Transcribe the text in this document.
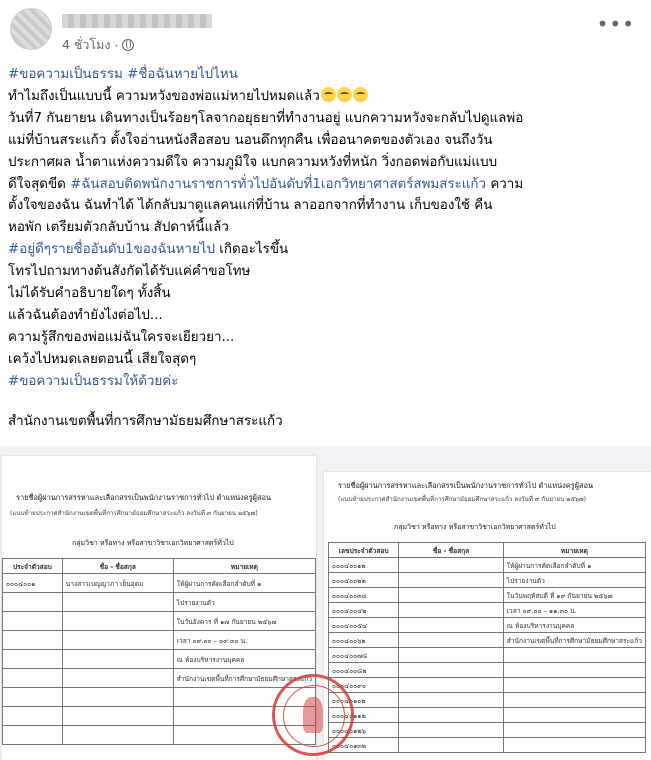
4 ชั่วโมง ·
•••

#ขอความเป็นธรรม #ชื่อฉันหายไปไหน

ทำไมถึงเป็นแบบนี้ ความหวังของพ่อแม่หายไปหมดแล้ว

วันที่7 กันยายน เดินทางเป็นร้อยๆโลจากอยุธยาที่ทำงานอยู่ แบกความหวังจะกลับไปดูแลพ่อ

แม่ที่บ้านสระแก้ว ตั้งใจอ่านหนังสือสอบ นอนดึกทุกคืน เพื่ออนาคตของตัวเอง จนถึงวัน

ประกาศผล น้ำตาแห่งความดีใจ ความภูมิใจ แบกความหวังที่หนัก วิ่งกอดพ่อกับแม่แบบ

ดีใจสุดขีด #ฉันสอบติดพนักงานราชการทั่วไปอันดับที่1เอกวิทยาศาสตร์สพมสระแก้ว ความ

ตั้งใจของฉัน ฉันทำได้ ได้กลับมาดูแลคนแก่ที่บ้าน ลาออกจากที่ทำงาน เก็บของใช้ คืน

หอพัก เตรียมตัวกลับบ้าน สัปดาห์นี้แล้ว

#อยู่ดีๆรายชื่ออันดับ1ของฉันหายไป เกิดอะไรขึ้น

โทรไปถามทางต้นสังกัดได้รับแค่คำขอโทษ

ไม่ได้รับคำอธิบายใดๆ ทั้งสิ้น

แล้วฉันต้องทำยังไงต่อไป...

ความรู้สึกของพ่อแม่ฉันใครจะเยียวยา...

เคว้งไปหมดเลยตอนนี้ เสียใจสุดๆ

#ขอความเป็นธรรมให้ด้วยค่ะ

สำนักงานเขตพื้นที่การศึกษามัธยมศึกษาสระแก้ว
รายชื่อผู้ผ่านการสรรหาและเลือกสรรเป็นพนักงานราชการทั่วไป ตำแหน่งครูผู้สอน
(แนบท้ายประกาศสำนักงานเขตพื้นที่การศึกษามัธยมศึกษาสระแก้ว ลงวันที่ ๓ กันยายน ๒๕๖๗)
กลุ่มวิชา หรือทาง หรือสาขาวิชาเอกวิทยาศาสตร์ทั่วไป
ประจำตัวสอบ	ชื่อ - ชื่อสกุล	หมายเหตุ
๐๐๐๔๐๐๑	นางสาวเบญญาภา เย็นอุดม	ให้ผู้ผ่านการคัดเลือกลำดับที่ ๑
		ไปรายงานตัว
		ในวันอังคาร ที่ ๑๗ กันยายน ๒๕๖๗
		เวลา ๐๙.๐๐ – ๐๙.๓๐ น.
		ณ ห้องบริหารงานบุคคล
		สำนักงานเขตพื้นที่การศึกษามัธยมศึกษาสระแก้ว

รายชื่อผู้ผ่านการสรรหาและเลือกสรรเป็นพนักงานราชการทั่วไป ตำแหน่งครูผู้สอน
(แนบท้ายประกาศสำนักงานเขตพื้นที่การศึกษามัธยมศึกษาสระแก้ว ลงวันที่ ๙ กันยายน ๒๕๖๗)
กลุ่มวิชา หรือทาง หรือสาขาวิชาเอกวิทยาศาสตร์ทั่วไป
เลขประจำตัวสอบ	ชื่อ - ชื่อสกุล	หมายเหตุ
๐๐๐๔๐๐๑๒		ให้ผู้ผ่านการคัดเลือกลำดับที่ ๑
๐๐๐๔๐๐๒๒		ไปรายงานตัว
๐๐๐๔๐๐๓๔		ในวันพฤหัสบดี ที่ ๑๙ กันยายน ๒๕๖๗
๐๐๐๔๐๐๔๒		เวลา ๐๙.๐๐ – ๑๑.๓๐ น.
๐๐๐๔๐๐๕๔		ณ ห้องบริหารงานบุคคล
๐๐๐๔๐๐๖๒		สำนักงานเขตพื้นที่การศึกษามัธยมศึกษาสระแก้ว
๐๐๐๔๐๐๗๘		
๐๐๐๔๐๐๘๒		
๐๐๐๔๐๐๙๐		
๐๐๐๔๐๑๐๒		
๐๐๐๔๐๑๑๒		
๐๐๐๔๐๑๒๖		
๐๐๐๔๐๑๓๒		
